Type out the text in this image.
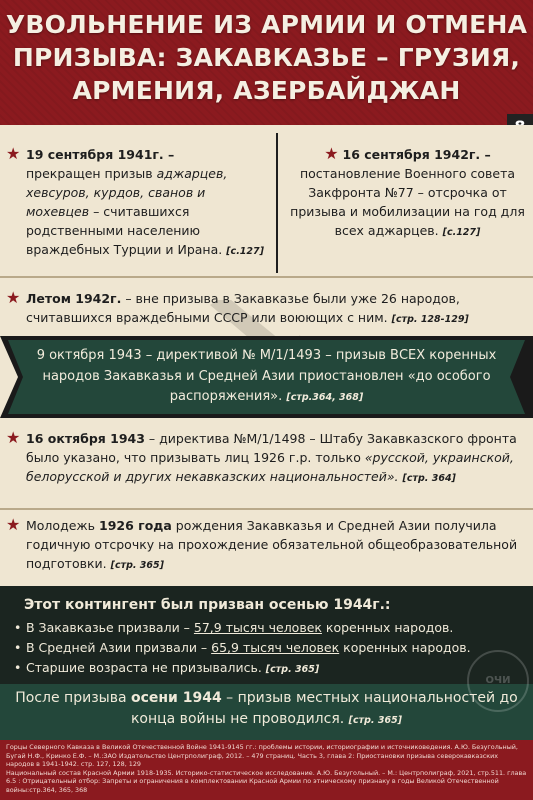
УВОЛЬНЕНИЕ ИЗ АРМИИ И ОТМЕНА
ПРИЗЫВА: ЗАКАВКАЗЬЕ – ГРУЗИЯ,
АРМЕНИЯ, АЗЕРБАЙДЖАН
★ 19 сентября 1941г. –
прекращен призыв аджарцев, хевсуров, курдов, сванов и мохевцев – считавшихся родственными населению враждебных Турции и Ирана. [с.127]
★ 16 сентября 1942г. –
постановление Военного совета Закфронта №77 – отсрочка от призыва и мобилизации на год для всех аджарцев. [с.127]
★ Летом 1942г. – вне призыва в Закавказье были уже 26 народов, считавшихся враждебными СССР или воюющих с ним. [стр. 128-129]
9 октября 1943 – директивой № М/1/1493 – призыв ВСЕХ коренных народов Закавказья и Средней Азии приостановлен «до особого распоряжения». [стр.364, 368]
★ 16 октября 1943 – директива №М/1/1498 – Штабу Закавказского фронта было указано, что призывать лиц 1926 г.р. только «русской, украинской, белорусской и других некавказских национальностей». [стр. 364]
★ Молодежь 1926 года рождения Закавказья и Средней Азии получила годичную отсрочку на прохождение обязательной общеобразовательной подготовки. [стр. 365]
Этот контингент был призван осенью 1944г.:
• В Закавказье призвали – 57,9 тысяч человек коренных народов.
• В Средней Азии призвали – 65,9 тысяч человек коренных народов.
• Старшие возраста не призывались. [стр. 365]
После призыва осени 1944 – призыв местных национальностей до конца войны не проводился. [стр. 365]
ОЧИ
Горцы Северного Кавказа в Великой Отечественной Войне 1941-9145 гг.: проблемы истории, историографии и источниковедения. А.Ю. Безугольный, Бугай Н.Ф., Кринко Е.Ф. – М.:ЗАО Издательство Центрполиграф, 2012. – 479 страниц. Часть 3, глава 2: Приостановки призыва северокавказских народов в 1941-1942. стр. 127, 128, 129
Национальный состав Красной Армии 1918-1935. Историко-статистическое исследование. А.Ю. Безугольный. – М.: Центрполиграф, 2021, стр.511. глава 6.5 : Отрицательный отбор: Запреты и ограничения в комплектовании Красной Армии по этническому признаку в годы Великой Отечественной войны:стр.364, 365, 368
